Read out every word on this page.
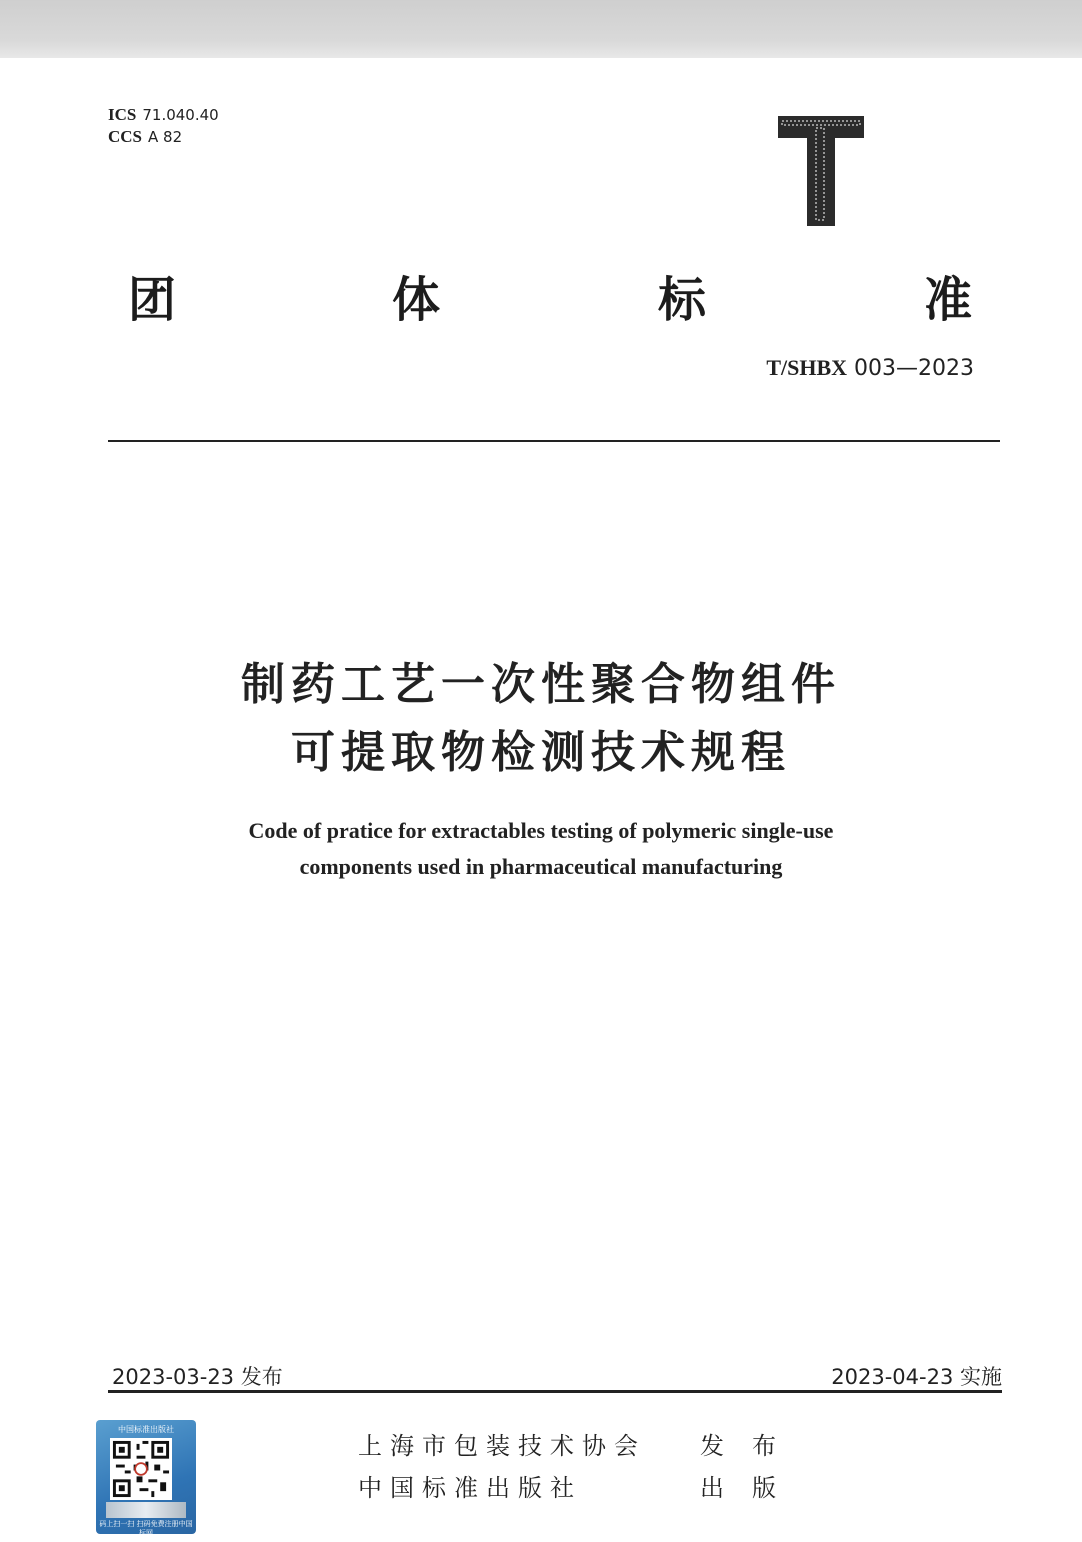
ICS 71.040.40
CCS A 82
团	体	标	准
T/SHBX 003—2023
制药工艺一次性聚合物组件
可提取物检测技术规程
Code of pratice for extractables testing of polymeric single-use
components used in pharmaceutical manufacturing
2023-03-23 发布	2023-04-23 实施
上海市包装技术协会 发布
中国标准出版社	出版
中国标准出版社
码上扫一扫 扫码免费注册中国标网
